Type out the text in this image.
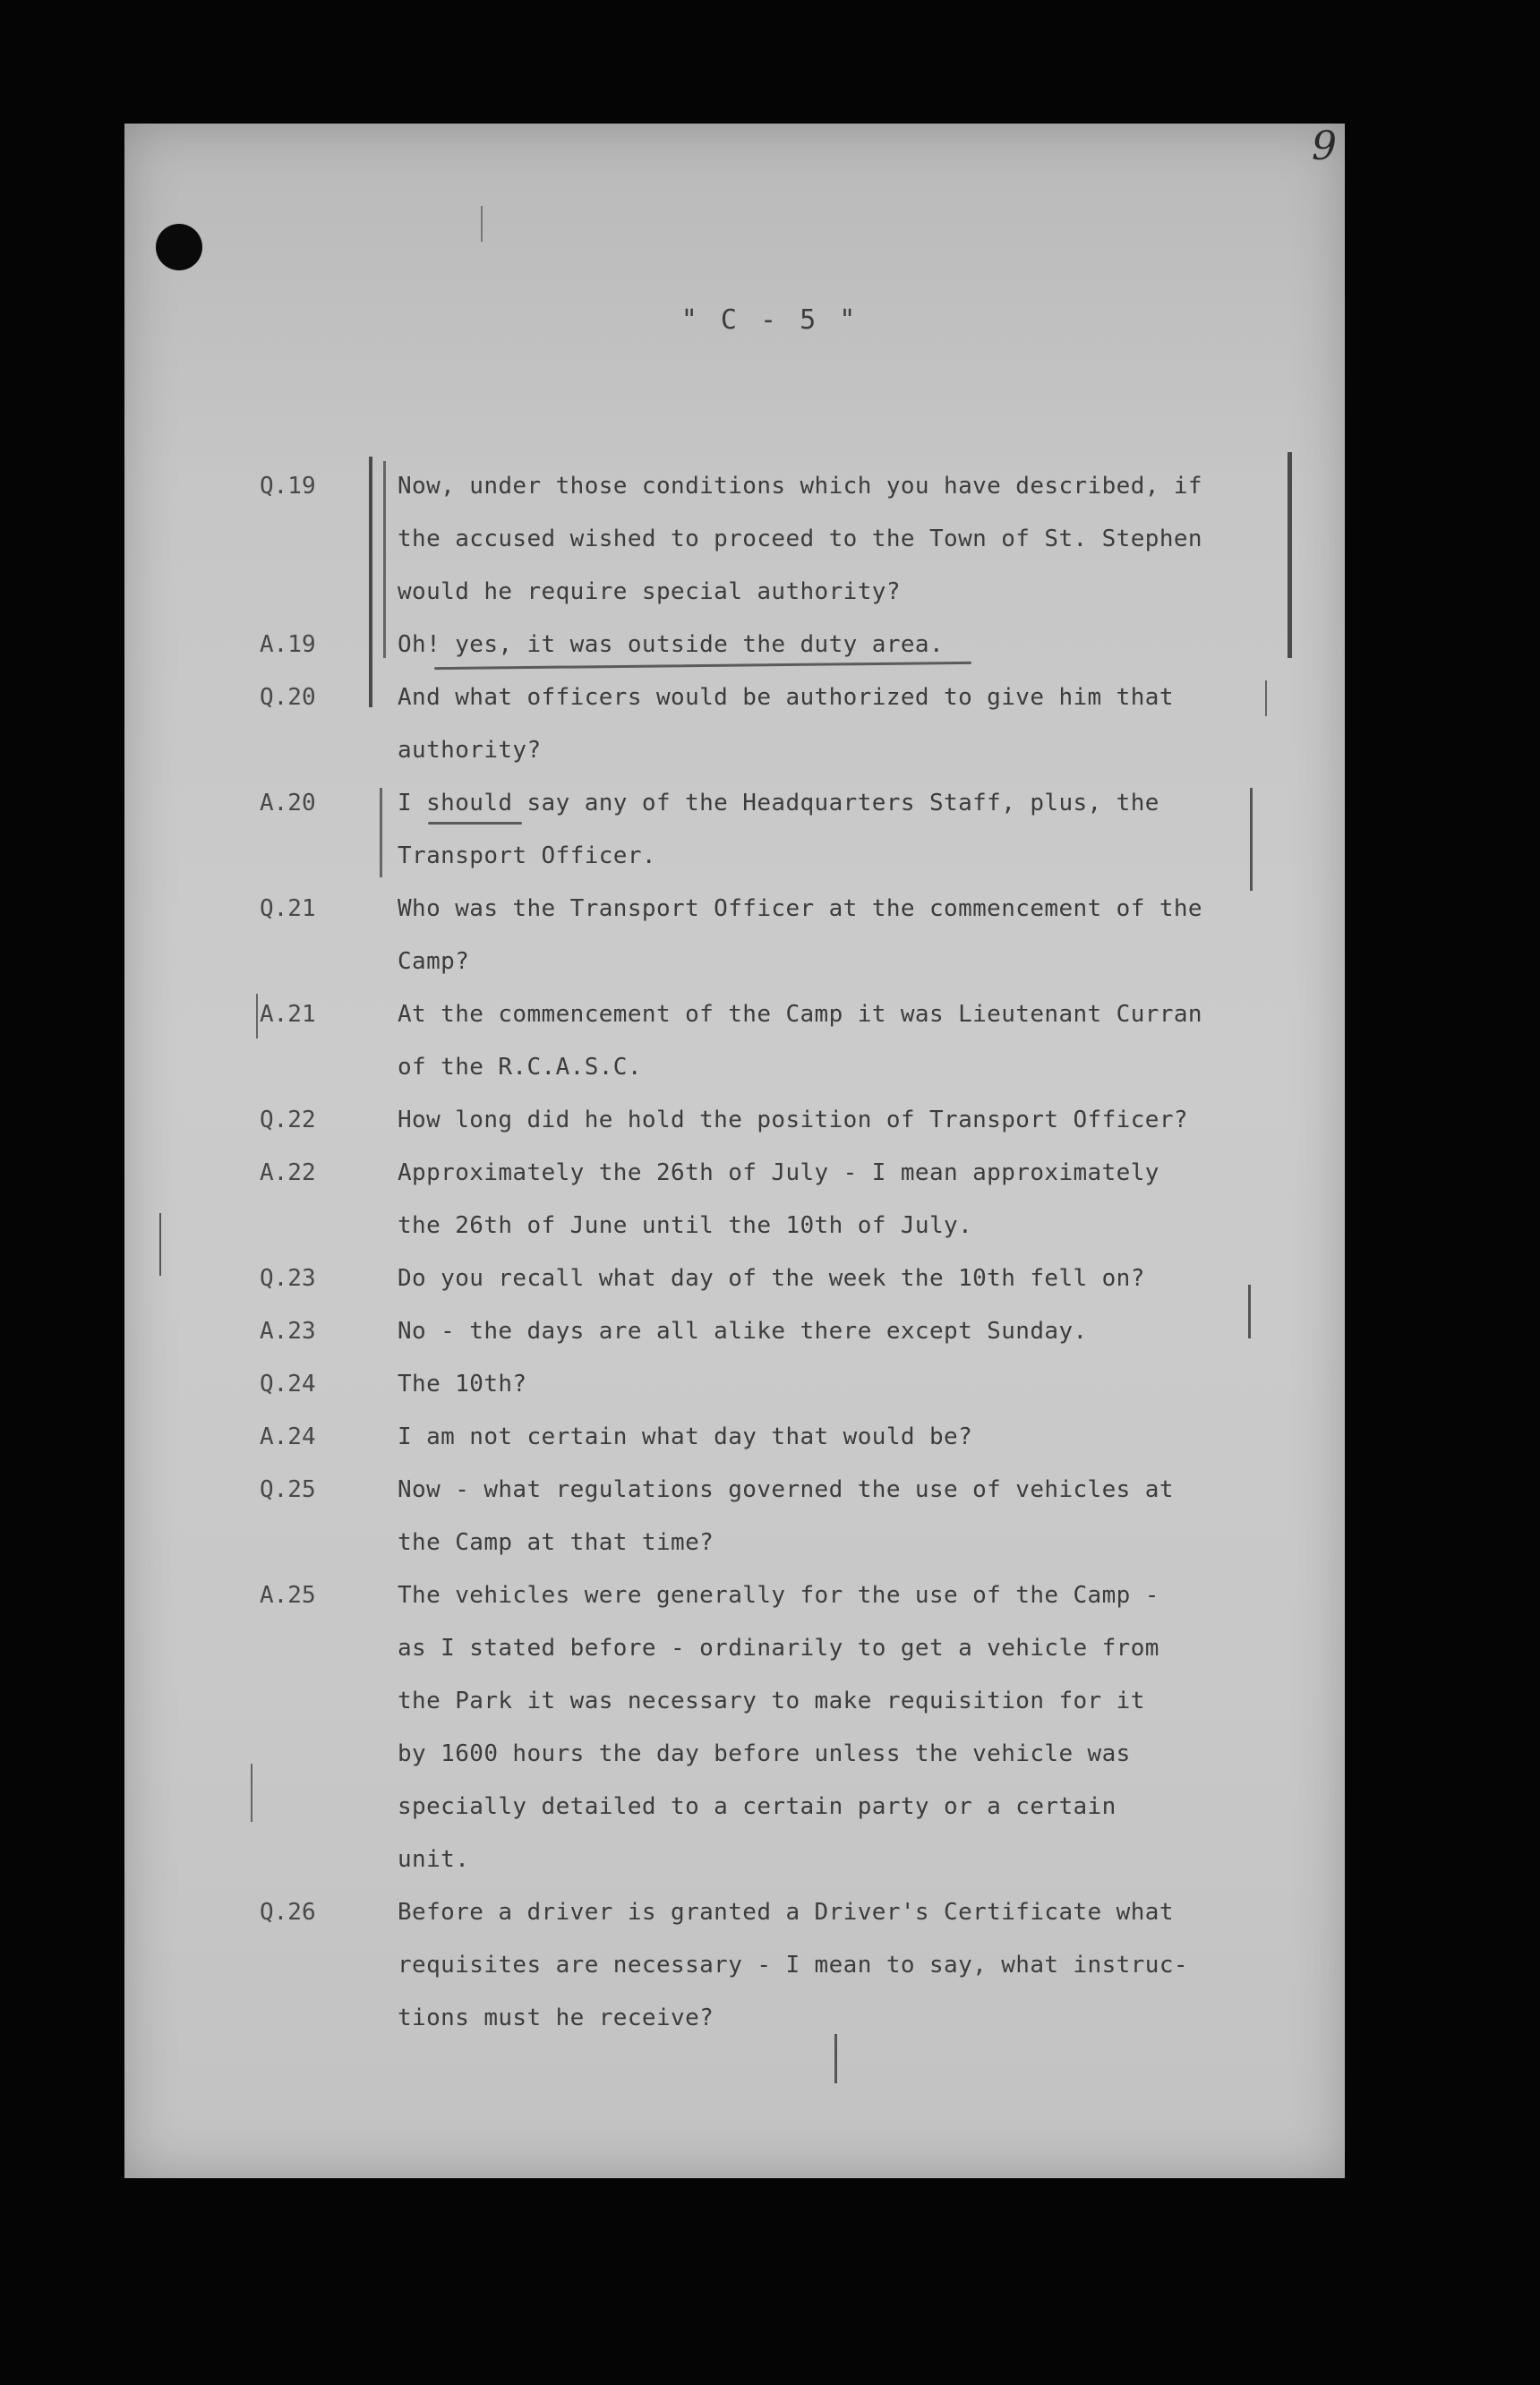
9
" C - 5 "
Q.19	Now, under those conditions which you have described, if
the accused wished to proceed to the Town of St. Stephen
would he require special authority?
A.19	Oh! yes, it was outside the duty area.
Q.20	And what officers would be authorized to give him that
authority?
A.20	I should say any of the Headquarters Staff, plus, the
Transport Officer.
Q.21	Who was the Transport Officer at the commencement of the
Camp?
A.21	At the commencement of the Camp it was Lieutenant Curran
of the R.C.A.S.C.
Q.22	How long did he hold the position of Transport Officer?
A.22	Approximately the 26th of July - I mean approximately
the 26th of June until the 10th of July.
Q.23	Do you recall what day of the week the 10th fell on?
A.23	No - the days are all alike there except Sunday.
Q.24	The 10th?
A.24	I am not certain what day that would be?
Q.25	Now - what regulations governed the use of vehicles at
the Camp at that time?
A.25	The vehicles were generally for the use of the Camp -
as I stated before - ordinarily to get a vehicle from
the Park it was necessary to make requisition for it
by 1600 hours the day before unless the vehicle was
specially detailed to a certain party or a certain
unit.
Q.26	Before a driver is granted a Driver's Certificate what
requisites are necessary - I mean to say, what instruc-
tions must he receive?
